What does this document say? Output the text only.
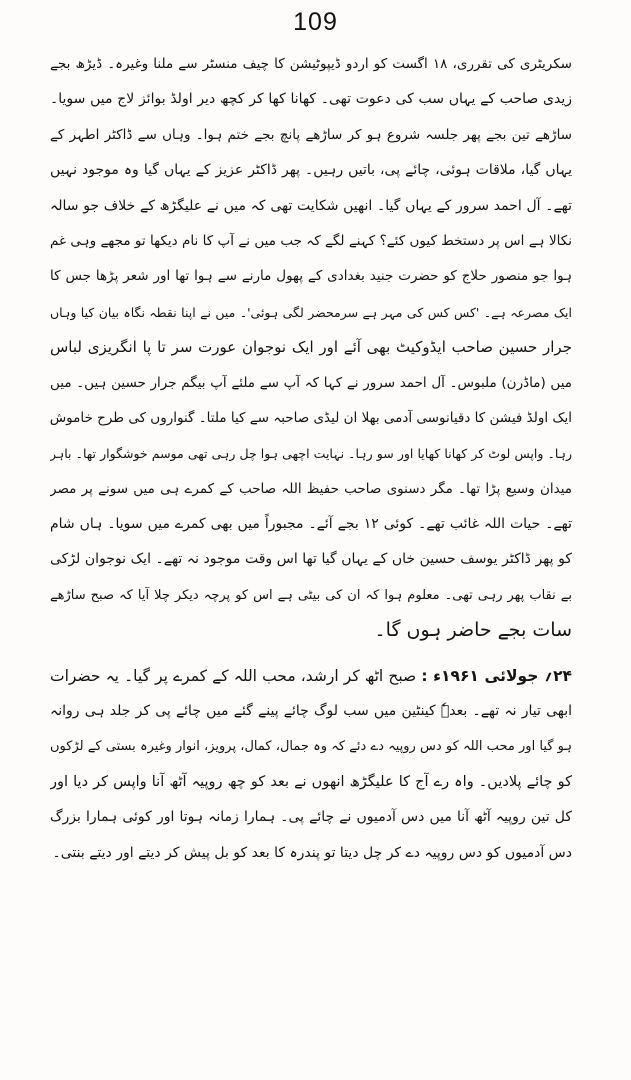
109
سکریٹری کی تقرری، ۱۸ اگست کو اردو ڈیپوٹیشن کا چیف منسٹر سے ملنا وغیرہ۔ ڈیڑھ بجے
زیدی صاحب کے یہاں سب کی دعوت تھی۔ کھانا کھا کر کچھ دیر اولڈ بوائز لاج میں سویا۔
ساڑھے تین بجے پھر جلسہ شروع ہو کر ساڑھے پانچ بجے ختم ہوا۔ وہاں سے ڈاکٹر اطہر کے
یہاں گیا، ملاقات ہوئی، چائے پی، باتیں رہیں۔ پھر ڈاکٹر عزیز کے یہاں گیا وہ موجود نہیں
تھے۔ آل احمد سرور کے یہاں گیا۔ انھیں شکایت تھی کہ میں نے علیگڑھ کے خلاف جو سالہ
نکالا ہے اس پر دستخط کیوں کئے؟ کہنے لگے کہ جب میں نے آپ کا نام دیکھا تو مجھے وہی غم
ہوا جو منصور حلاج کو حضرت جنید بغدادی کے پھول مارنے سے ہوا تھا اور شعر پڑھا جس کا
ایک مصرعہ ہے۔ 'کس کس کی مہر ہے سرمحضر لگی ہوئی'۔ میں نے اپنا نقطہ نگاہ بیان کیا وہاں
جرار حسین صاحب ایڈوکیٹ بھی آئے اور ایک نوجوان عورت سر تا پا انگریزی لباس
میں (ماڈرن) ملبوس۔ آل احمد سرور نے کہا کہ آپ سے ملئے آپ بیگم جرار حسین ہیں۔ میں
ایک اولڈ فیشن کا دقیانوسی آدمی بھلا ان لیڈی صاحبہ سے کیا ملتا۔ گنواروں کی طرح خاموش
رہا۔ واپس لوٹ کر کھانا کھایا اور سو رہا۔ نہایت اچھی ہوا چل رہی تھی موسم خوشگوار تھا۔ باہر
میدان وسیع پڑا تھا۔ مگر دسنوی صاحب حفیظ اللہ صاحب کے کمرے ہی میں سونے پر مصر
تھے۔ حیات اللہ غائب تھے۔ کوئی ۱۲ بجے آئے۔ مجبوراً میں بھی کمرے میں سویا۔ ہاں شام
کو پھر ڈاکٹر یوسف حسین خاں کے یہاں گیا تھا اس وقت موجود نہ تھے۔ ایک نوجوان لڑکی
بے نقاب پھر رہی تھی۔ معلوم ہوا کہ ان کی بیٹی ہے اس کو پرچہ دیکر چلا آیا کہ صبح ساڑھے
سات بجے حاضر ہوں گا۔
۲۴؍ جولائی ۱۹۶۱ء : صبح اٹھ کر ارشد، محب اللہ کے کمرے پر گیا۔ یہ حضرات
ابھی تیار نہ تھے۔ بعدہٗ کینٹین میں سب لوگ چائے پینے گئے میں چائے پی کر جلد ہی روانہ
ہو گیا اور محب اللہ کو دس روپیہ دے دئے کہ وہ جمال، کمال، پرویز، انوار وغیرہ بستی کے لڑکوں
کو چائے پلادیں۔ واہ رے آج کا علیگڑھ انھوں نے بعد کو چھ روپیہ آٹھ آنا واپس کر دیا اور
کل تین روپیہ آٹھ آنا میں دس آدمیوں نے چائے پی۔ ہمارا زمانہ ہوتا اور کوئی ہمارا بزرگ
دس آدمیوں کو دس روپیہ دے کر چل دیتا تو پندرہ کا بعد کو بل پیش کر دیتے اور دیتے بنتی۔
